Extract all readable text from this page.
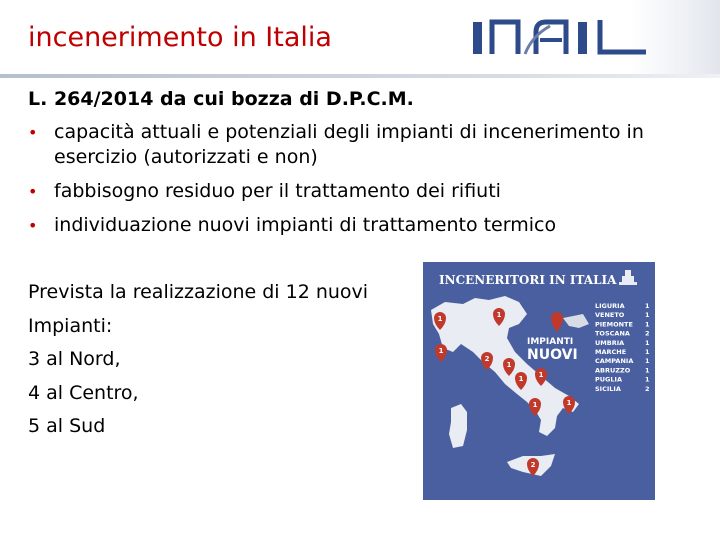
incenerimento in Italia
L. 264/2014 da cui bozza di D.P.C.M.
• capacità attuali e potenziali degli impianti di incenerimento in esercizio (autorizzati e non)
• fabbisogno residuo per il trattamento dei rifiuti
• individuazione nuovi impianti di trattamento termico
Prevista la realizzazione di 12 nuovi
Impianti:
3 al Nord,
4 al Centro,
5 al Sud
INCENERITORI IN ITALIA
IMPIANTI
NUOVI
LIGURIA	1
VENETO	1
PIEMONTE 1
TOSCANA 2
UMBRIA	1
MARCHE	1
CAMPANIA 1
ABRUZZO 1
PUGLIA	1
SICILIA	2
1	1
1
2
1
1 1
1	1
2
